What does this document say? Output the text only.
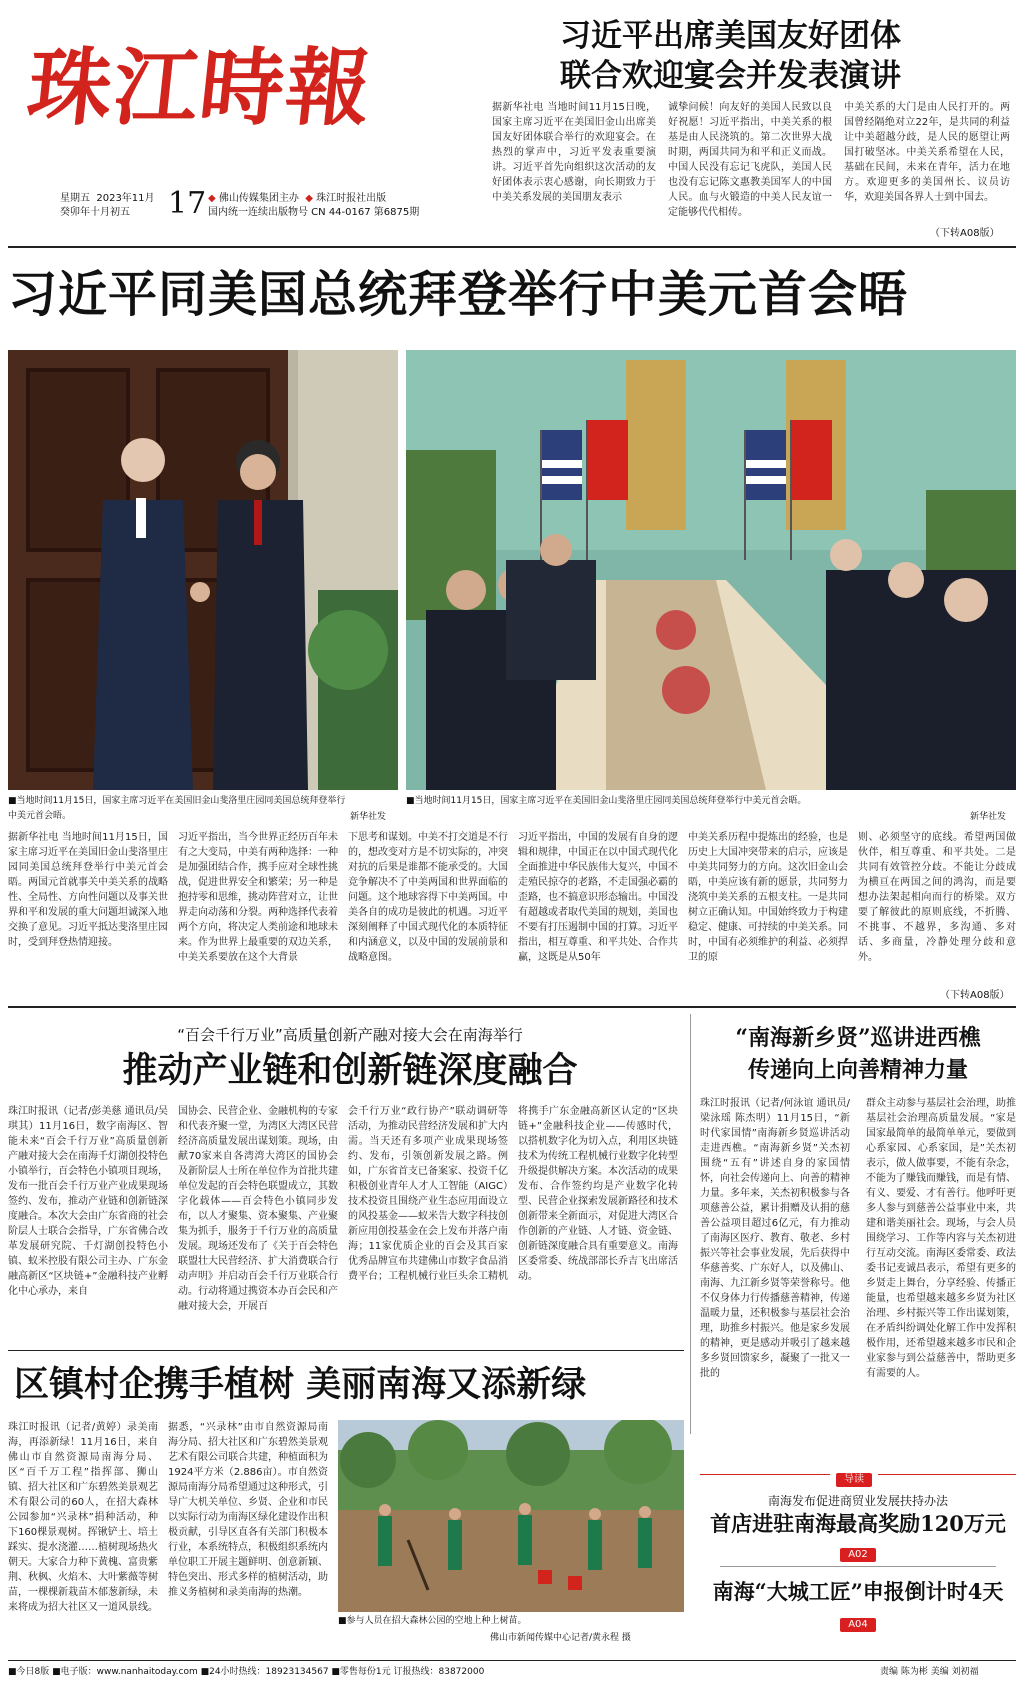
珠江時報
星期五 2023年11月
癸卯年十月初五	17 ◆ 佛山传媒集团主办 ◆ 珠江时报社出版
国内统一连续出版物号 CN 44-0167 第6875期
习近平出席美国友好团体
联合欢迎宴会并发表演讲
据新华社电 当地时间11月15日晚，国家主席习近平在美国旧金山出席美国友好团体联合举行的欢迎宴会。在热烈的掌声中，习近平发表重要演讲。习近平首先向组织这次活动的友好团体表示衷心感谢，向长期致力于中美关系发展的美国朋友表示
诚挚问候！向友好的美国人民致以良好祝愿！习近平指出，中美关系的根基是由人民浇筑的。第二次世界大战时期，两国共同为和平和正义而战。中国人民没有忘记飞虎队，美国人民也没有忘记陈文惠教美国军人的中国人民。血与火锻造的中美人民友谊一定能够代代相传。
中美关系的大门是由人民打开的。两国曾经隔绝对立22年，是共同的利益让中美超越分歧，是人民的愿望让两国打破坚冰。中美关系希望在人民，基础在民间，未来在青年，活力在地方。欢迎更多的美国州长、议员访华，欢迎美国各界人士到中国去。
（下转A08版）
习近平同美国总统拜登举行中美元首会晤
■当地时间11月15日，国家主席习近平在美国旧金山斐洛里庄园同美国总统拜登举行中美元首会晤。	新华社发
■当地时间11月15日，国家主席习近平在美国旧金山斐洛里庄园同美国总统拜登举行中美元首会晤。
新华社发
据新华社电 当地时间11月15日，国家主席习近平在美国旧金山斐洛里庄园同美国总统拜登举行中美元首会晤。两国元首就事关中美关系的战略性、全局性、方向性问题以及事关世界和平和发展的重大问题坦诚深入地交换了意见。习近平抵达斐洛里庄园时，受到拜登热情迎接。
习近平指出，当今世界正经历百年未有之大变局，中美有两种选择：一种是加强团结合作，携手应对全球性挑战，促进世界安全和繁荣；另一种是抱持零和思维，挑动阵营对立，让世界走向动荡和分裂。两种选择代表着两个方向，将决定人类前途和地球未来。作为世界上最重要的双边关系，中美关系要放在这个大背景
下思考和谋划。中美不打交道是不行的，想改变对方是不切实际的，冲突对抗的后果是谁都不能承受的。大国竞争解决不了中美两国和世界面临的问题。这个地球容得下中美两国。中美各自的成功是彼此的机遇。习近平深刻阐释了中国式现代化的本质特征和内涵意义，以及中国的发展前景和战略意图。
习近平指出，中国的发展有自身的逻辑和规律，中国正在以中国式现代化全面推进中华民族伟大复兴，中国不走殖民掠夺的老路，不走国强必霸的歪路，也不搞意识形态输出。中国没有超越或者取代美国的规划，美国也不要有打压遏制中国的打算。习近平指出，相互尊重、和平共处、合作共赢，这既是从50年
中美关系历程中提炼出的经验，也是历史上大国冲突带来的启示，应该是中美共同努力的方向。这次旧金山会晤，中美应该有新的愿景，共同努力浇筑中美关系的五根支柱。一是共同树立正确认知。中国始终致力于构建稳定、健康、可持续的中美关系。同时，中国有必须维护的利益、必须捍卫的原
则、必须坚守的底线。希望两国做伙伴，相互尊重、和平共处。二是共同有效管控分歧。不能让分歧成为横亘在两国之间的鸿沟，而是要想办法架起相向而行的桥梁。双方要了解彼此的原则底线，不折腾、不挑事、不越界，多沟通、多对话、多商量，冷静处理分歧和意外。
（下转A08版）
“百会千行万业”高质量创新产融对接大会在南海举行
推动产业链和创新链深度融合
珠江时报讯（记者/彭美慈 通讯员/吴琪其）11月16日，数字南海区、智能未来“百会千行万业”高质量创新产融对接大会在南海千灯湖创投特色小镇举行，百会特色小镇项目现场，发布一批百会千行万业产业成果现场签约、发布，推动产业链和创新链深度融合。本次大会由广东省商的社会阶层人士联合会指导，广东省佛合改革发展研究院、千灯湖创投特色小镇、蚁米控股有限公司主办、广东金融高新区“区块链+”金融科技产业孵化中心承办，来自
国协会、民营企业、金融机构的专家和代表齐聚一堂，为湾区大湾区民营经济高质量发展出谋划策。现场，由献70家来自各湾湾大湾区的国协会及新阶层人士所在单位作为首批共建单位发起的百会特色联盟成立，其数字化载体——百会特色小镇同步发布，以人才聚集、资本聚集、产业聚集为抓手，服务于千行万业的高质量发展。现场还发布了《关于百会特色联盟壮大民营经济、扩大消费联合行动声明》并启动百会千行万业联合行动。行动将通过携资本办百会民和产融对接大会，开展百
会千行万业“政行协产”联动调研等活动，为推动民营经济发展和扩大内需。当天还有多项产业成果现场签约、发布，引领创新发展之路。例如，广东省首支已备案家、投资千亿积极创业青年人才人工智能（AIGC）技术投资且围绕产业生态应用面设立的风投基金——蚁米告大数字科技创新应用创投基金在会上发布并落户南海；11家优质企业的百会及其百家优秀品牌宣布共建佛山市数字食品消费平台；工程机械行业巨头余工精机
将携手广东金融高新区认定的“区块链+”金融科技企业——传感时代，以搭机数字化为切入点，利用区块链技术为传统工程机械行业数字化转型升级提供解决方案。本次活动的成果发布、合作签约均是产业数字化转型、民营企业探索发展新路径和技术创新带来全新面示，对促进大湾区合作创新的产业链、人才链、资金链、创新链深度融合具有重要意义。南海区委常委、统战部部长乔吉飞出席活动。
“南海新乡贤”巡讲进西樵
传递向上向善精神力量
珠江时报讯（记者/何泳谊 通讯员/梁泳瑶 陈杰明）11月15日，“新时代家国情”南海新乡贤巡讲活动走进西樵。“南海新乡贤”关杰初围绕“五有”讲述自身的家国情怀，向社会传递向上、向善的精神力量。多年来，关杰初积极参与各项慈善公益，累计捐赠及认捐的慈善公益项目超过6亿元，有力推动了南海区医疗、教育、敬老、乡村振兴等社会事业发展，先后获得中华慈善奖、广东好人，以及佛山、南海、九江新乡贤等荣誉称号。他不仅身体力行传播慈善精神，传递温暖力量，还积极参与基层社会治理，助推乡村振兴。他是家乡发展的精神，更是感动并吸引了越来越多乡贤回馈家乡，凝聚了一批又一批的
群众主动参与基层社会治理，助推基层社会治理高质量发展。“家是国家最简单的最简单单元，要做到心系家园、心系家国，是”关杰初表示，做人做事要，不能有杂念，不能为了赚钱而赚钱，而是有情、有义、要爱、才有善行。他呼吁更多人参与到慈善公益事业中来，共建和谐美丽社会。现场，与会人员围绕学习、工作等内容与关杰初进行互动交流。南海区委常委、政法委书记麦诚昌表示，希望有更多的乡贤走上舞台，分享经验、传播正能量，也希望越来越多乡贤为社区治理、乡村振兴等工作出谋划策，在矛盾纠纷调处化解工作中发挥积极作用，还希望越来越多市民和企业家参与到公益慈善中，帮助更多有需要的人。
区镇村企携手植树 美丽南海又添新绿
珠江时报讯（记者/黄婷）录美南海，再添新绿！11月16日，来自佛山市自然资源局南海分局、区“百千万工程”指挥部、狮山镇、招大社区和广东碧然美景观艺术有限公司的60人，在招大森林公园参加“兴录林”捐种活动，种下160棵景观树。挥锹铲土、培土踩实、提水浇灌……植树现场热火朝天。大家合力种下黄槐、富贵紫荆、秋枫、火焰木、大叶紫薇等树苗，一棵棵新栽苗木郁葱新绿，未来将成为招大社区又一道风景线。
据悉，“兴录林”由市自然资源局南海分局、招大社区和广东碧然美景观艺术有限公司联合共建，种植面积为1924平方米（2.886亩）。市自然资源局南海分局希望通过这种形式，引导广大机关单位、乡贤、企业和市民以实际行动为南海区绿化建设作出积极贡献，引导区直各有关部门积极本行业，本系统特点，积极组织系统内单位职工开展主题鲜明、创意新颖、特色突出、形式多样的植树活动，助推义务植树和录美南海的热潮。
■参与人员在招大森林公园的空地上种上树苗。
佛山市新闻传媒中心记者/黄永程 摄
导读
南海发布促进商贸业发展扶持办法
首店进驻南海最高奖励120万元
A02
南海“大城工匠”申报倒计时4天
A04
■今日8版 ■电子版：www.nanhaitoday.com ■24小时热线：18923134567 ■零售每份1元 订报热线：83872000	责编 陈为彬 美编 刘初福
